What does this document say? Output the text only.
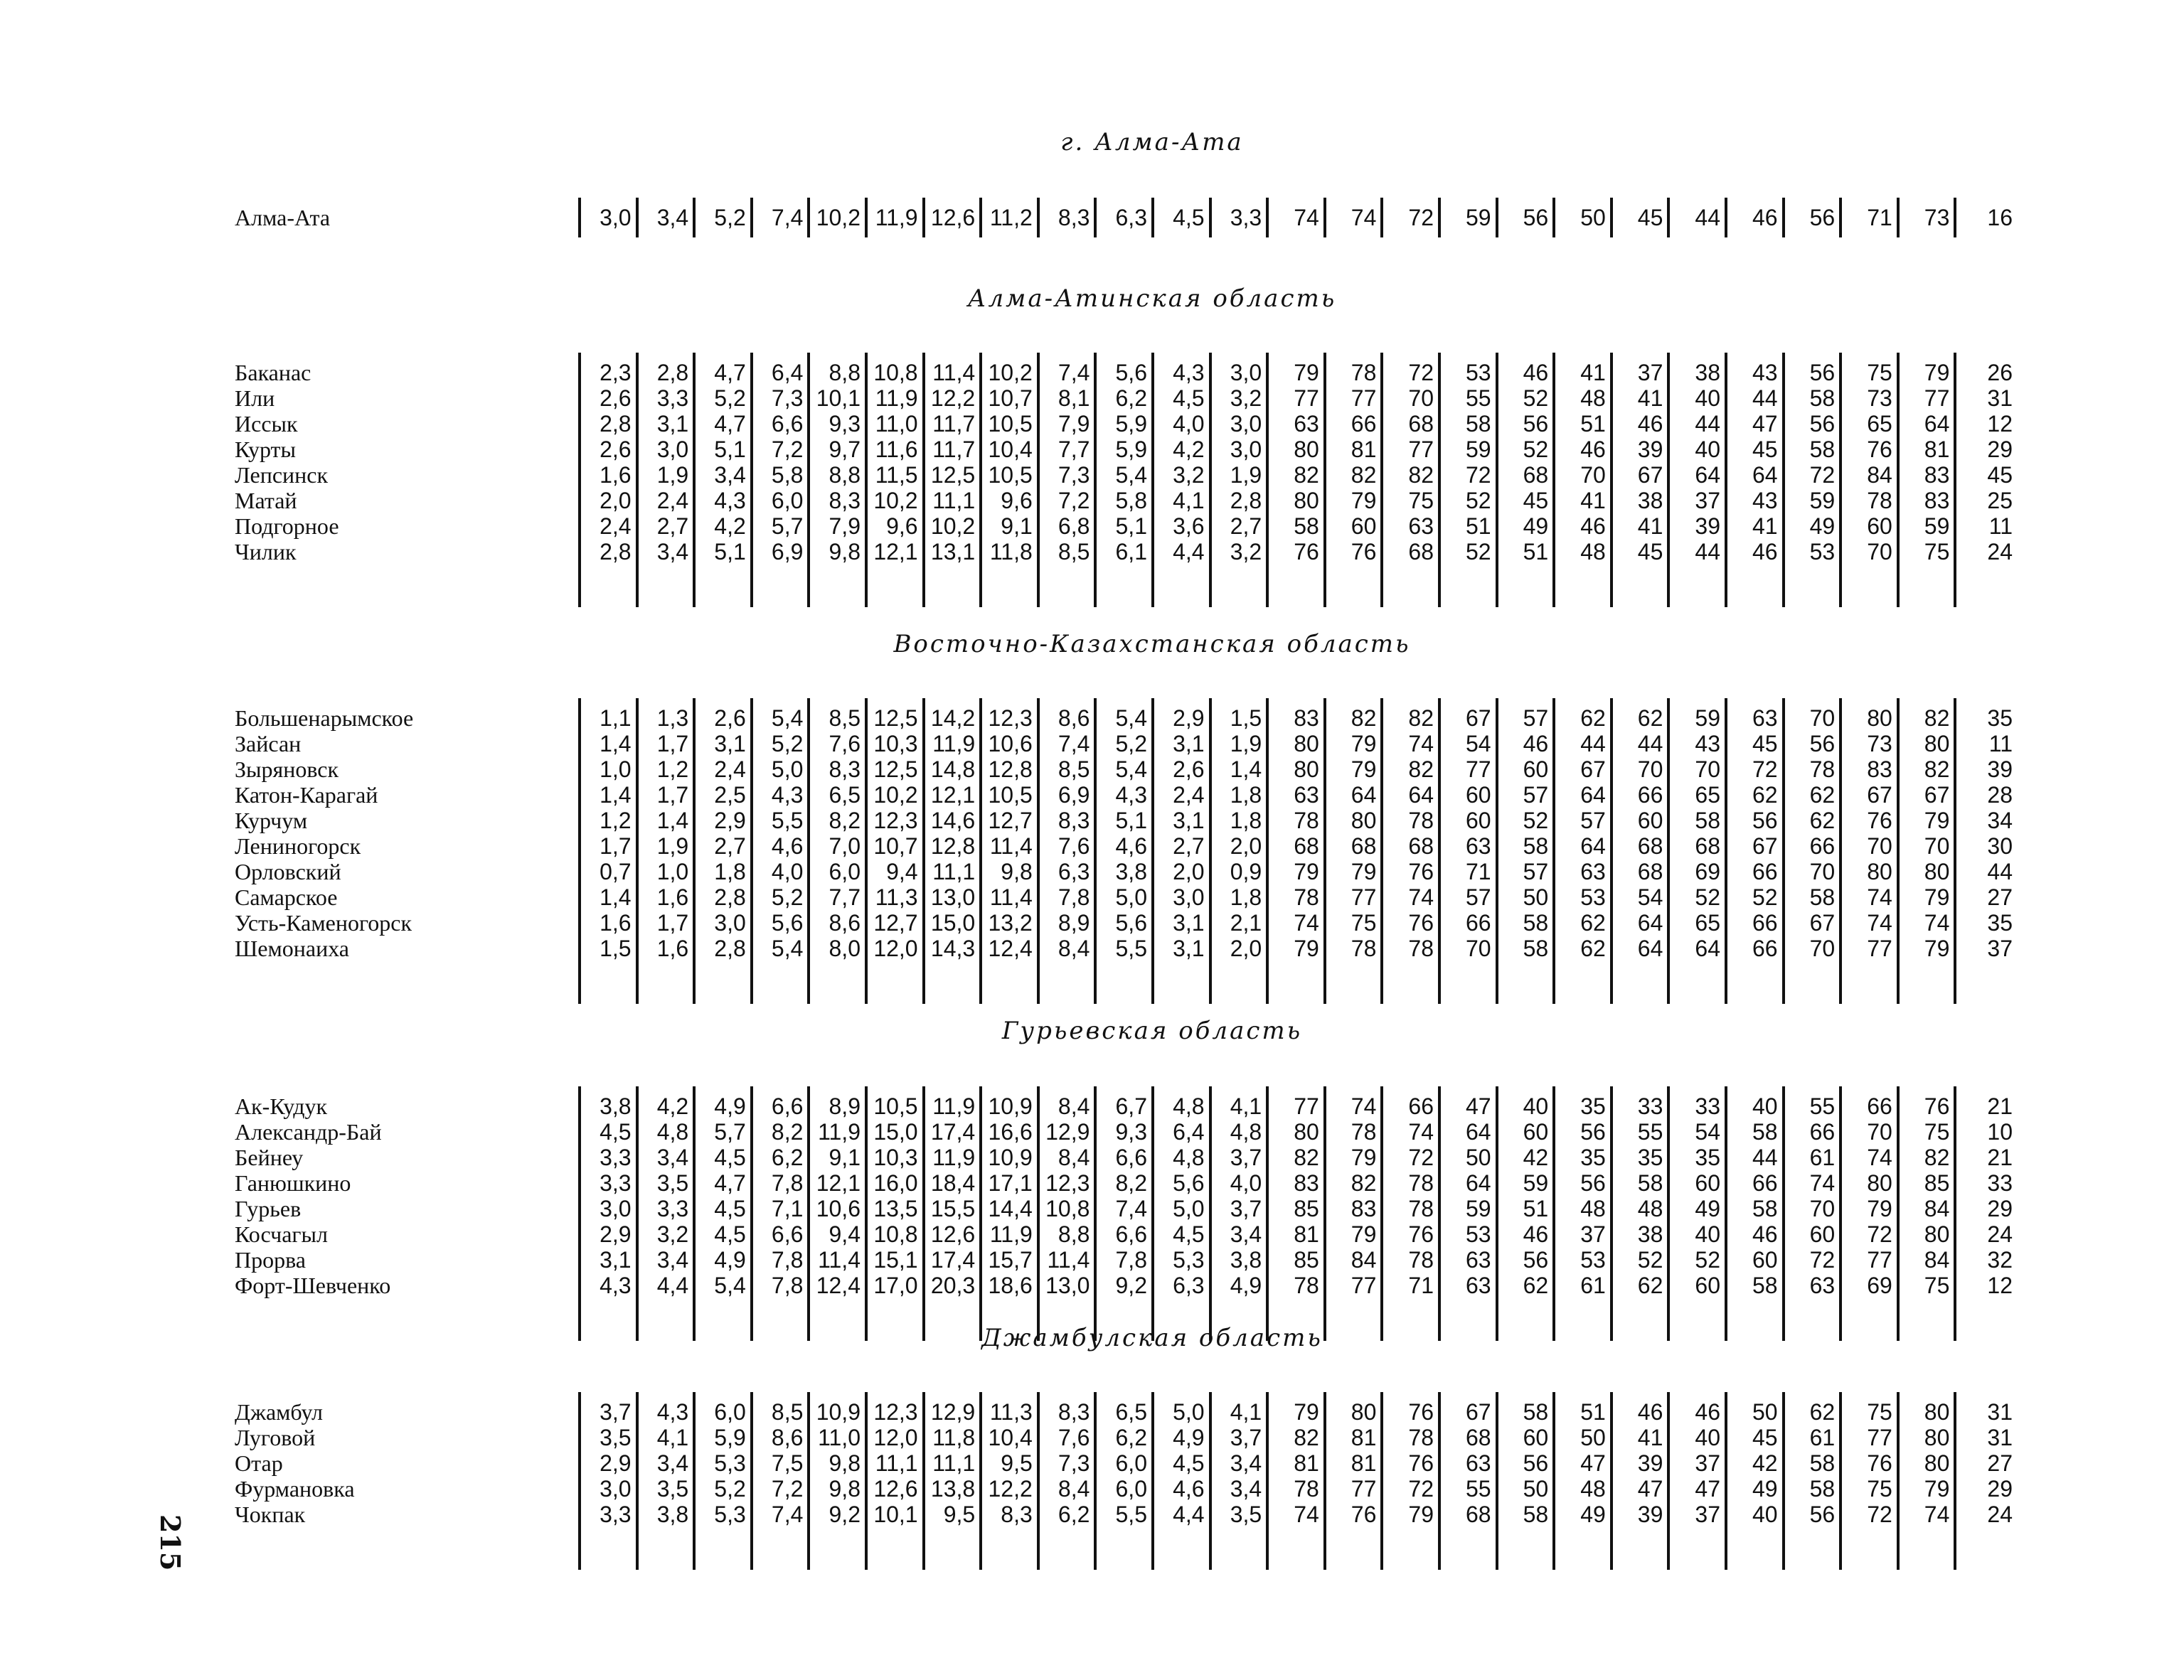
г. Алма-Ата
Алма-Ата	3,0	3,4	5,2	7,4 10,2 11,9 12,6 11,2	8,3	6,3	4,5	3,3	74	74	72	59	56	50	45	44	46	56	71	73	16
Алма-Атинская область
Баканас	2,3	2,8	4,7	6,4	8,8 10,8 11,4 10,2	7,4	5,6	4,3	3,0	79	78	72	53	46	41	37	38	43	56	75	79	26
Или	2,6	3,3	5,2	7,3 10,1 11,9 12,2 10,7	8,1	6,2	4,5	3,2	77	77	70	55	52	48	41	40	44	58	73	77	31
Иссык	2,8	3,1	4,7	6,6	9,3 11,0 11,7 10,5	7,9	5,9	4,0	3,0	63	66	68	58	56	51	46	44	47	56	65	64	12
Курты	2,6	3,0	5,1	7,2	9,7 11,6 11,7 10,4	7,7	5,9	4,2	3,0	80	81	77	59	52	46	39	40	45	58	76	81	29
Лепсинск	1,6	1,9	3,4	5,8	8,8 11,5 12,5 10,5	7,3	5,4	3,2	1,9	82	82	82	72	68	70	67	64	64	72	84	83	45
Матай	2,0	2,4	4,3	6,0	8,3 10,2 11,1	9,6	7,2	5,8	4,1	2,8	80	79	75	52	45	41	38	37	43	59	78	83	25
Подгорное	2,4	2,7	4,2	5,7	7,9	9,6 10,2	9,1	6,8	5,1	3,6	2,7	58	60	63	51	49	46	41	39	41	49	60	59	11
Чилик	2,8	3,4	5,1	6,9	9,8 12,1 13,1 11,8	8,5	6,1	4,4	3,2	76	76	68	52	51	48	45	44	46	53	70	75	24
Восточно-Казахстанская область
Большенарымское	1,1	1,3	2,6	5,4	8,5 12,5 14,2 12,3	8,6	5,4	2,9	1,5	83	82	82	67	57	62	62	59	63	70	80	82	35
Зайсан	1,4	1,7	3,1	5,2	7,6 10,3 11,9 10,6	7,4	5,2	3,1	1,9	80	79	74	54	46	44	44	43	45	56	73	80	11
Зыряновск	1,0	1,2	2,4	5,0	8,3 12,5 14,8 12,8	8,5	5,4	2,6	1,4	80	79	82	77	60	67	70	70	72	78	83	82	39
Катон-Карагай	1,4	1,7	2,5	4,3	6,5 10,2 12,1 10,5	6,9	4,3	2,4	1,8	63	64	64	60	57	64	66	65	62	62	67	67	28
Курчум	1,2	1,4	2,9	5,5	8,2 12,3 14,6 12,7	8,3	5,1	3,1	1,8	78	80	78	60	52	57	60	58	56	62	76	79	34
Лениногорск	1,7	1,9	2,7	4,6	7,0 10,7 12,8 11,4	7,6	4,6	2,7	2,0	68	68	68	63	58	64	68	68	67	66	70	70	30
Орловский	0,7	1,0	1,8	4,0	6,0	9,4 11,1	9,8	6,3	3,8	2,0	0,9	79	79	76	71	57	63	68	69	66	70	80	80	44
Самарское	1,4	1,6	2,8	5,2	7,7 11,3 13,0 11,4	7,8	5,0	3,0	1,8	78	77	74	57	50	53	54	52	52	58	74	79	27
Усть-Каменогорск	1,6	1,7	3,0	5,6	8,6 12,7 15,0 13,2	8,9	5,6	3,1	2,1	74	75	76	66	58	62	64	65	66	67	74	74	35
Шемонаиха	1,5	1,6	2,8	5,4	8,0 12,0 14,3 12,4	8,4	5,5	3,1	2,0	79	78	78	70	58	62	64	64	66	70	77	79	37
Гурьевская область
Ак-Кудук	3,8	4,2	4,9	6,6	8,9 10,5 11,9 10,9	8,4	6,7	4,8	4,1	77	74	66	47	40	35	33	33	40	55	66	76	21
Александр-Бай	4,5	4,8	5,7	8,2 11,9 15,0 17,4 16,6 12,9	9,3	6,4	4,8	80	78	74	64	60	56	55	54	58	66	70	75	10
Бейнеу	3,3	3,4	4,5	6,2	9,1 10,3 11,9 10,9	8,4	6,6	4,8	3,7	82	79	72	50	42	35	35	35	44	61	74	82	21
Ганюшкино	3,3	3,5	4,7	7,8 12,1 16,0 18,4 17,1 12,3	8,2	5,6	4,0	83	82	78	64	59	56	58	60	66	74	80	85	33
Гурьев	3,0	3,3	4,5	7,1 10,6 13,5 15,5 14,4 10,8	7,4	5,0	3,7	85	83	78	59	51	48	48	49	58	70	79	84	29
Косчагыл	2,9	3,2	4,5	6,6	9,4 10,8 12,6 11,9	8,8	6,6	4,5	3,4	81	79	76	53	46	37	38	40	46	60	72	80	24
Прорва	3,1	3,4	4,9	7,8 11,4 15,1 17,4 15,7 11,4	7,8	5,3	3,8	85	84	78	63	56	53	52	52	60	72	77	84	32
Форт-Шевченко	4,3	4,4	5,4	7,8 12,4 17,0 20,3 18,6 13,0	9,2	6,3	4,9	78	77	71	63	62	61	62	60	58	63	69	75	12
Джамбулская область
Джамбул	3,7	4,3	6,0	8,5 10,9 12,3 12,9 11,3	8,3	6,5	5,0	4,1	79	80	76	67	58	51	46	46	50	62	75	80	31
Луговой	3,5	4,1	5,9	8,6 11,0 12,0 11,8 10,4	7,6	6,2	4,9	3,7	82	81	78	68	60	50	41	40	45	61	77	80	31
Отар	2,9	3,4	5,3	7,5	9,8 11,1 11,1	9,5	7,3	6,0	4,5	3,4	81	81	76	63	56	47	39	37	42	58	76	80	27
Фурмановка	3,0	3,5	5,2	7,2	9,8 12,6 13,8 12,2	8,4	6,0	4,6	3,4	78	77	72	55	50	48	47	47	49	58	75	79	29
Чокпак	3,3	3,8	5,3	7,4	9,2 10,1	9,5	8,3	6,2	5,5	4,4	3,5	74	76	79	68	58	49	39	37	40	56	72	74	24
215
